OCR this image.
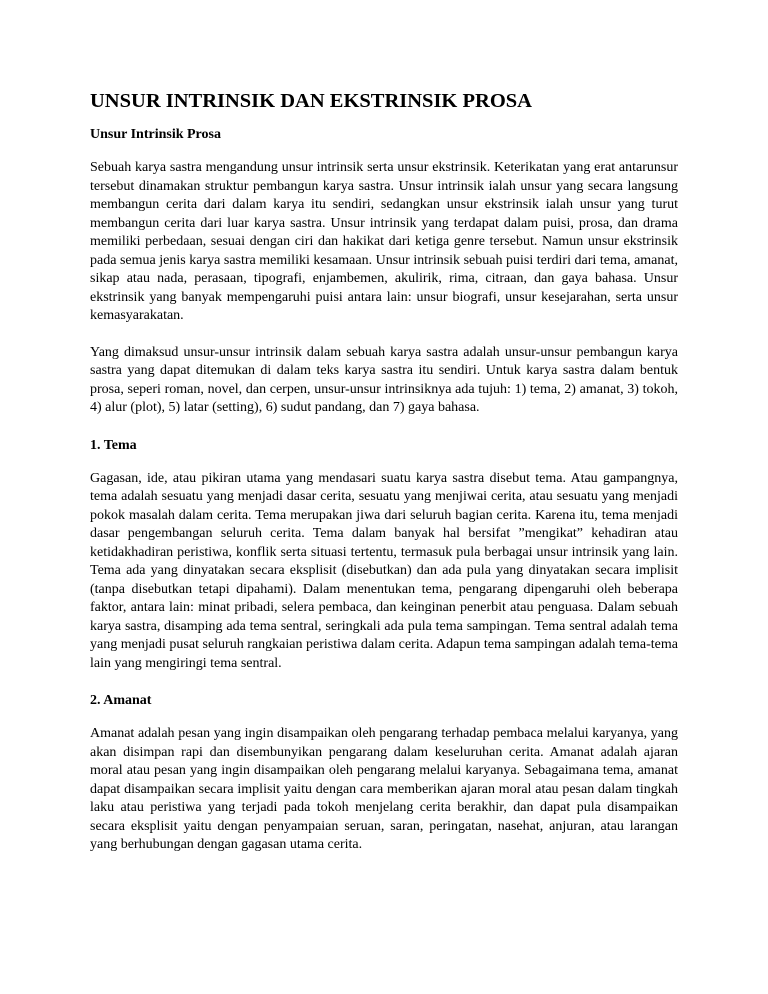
UNSUR INTRINSIK DAN EKSTRINSIK PROSA
Unsur Intrinsik Prosa

Sebuah karya sastra mengandung unsur intrinsik serta unsur ekstrinsik. Keterikatan yang erat antarunsur tersebut dinamakan struktur pembangun karya sastra. Unsur intrinsik ialah unsur yang secara langsung membangun cerita dari dalam karya itu sendiri, sedangkan unsur ekstrinsik ialah unsur yang turut membangun cerita dari luar karya sastra. Unsur intrinsik yang terdapat dalam puisi, prosa, dan drama memiliki perbedaan, sesuai dengan ciri dan hakikat dari ketiga genre tersebut. Namun unsur ekstrinsik pada semua jenis karya sastra memiliki kesamaan. Unsur intrinsik sebuah puisi terdiri dari tema, amanat, sikap atau nada, perasaan, tipografi, enjambemen, akulirik, rima, citraan, dan gaya bahasa. Unsur ekstrinsik yang banyak mempengaruhi puisi antara lain: unsur biografi, unsur kesejarahan, serta unsur kemasyarakatan.

Yang dimaksud unsur-unsur intrinsik dalam sebuah karya sastra adalah unsur-unsur pembangun karya sastra yang dapat ditemukan di dalam teks karya sastra itu sendiri. Untuk karya sastra dalam bentuk prosa, seperi roman, novel, dan cerpen, unsur-unsur intrinsiknya ada tujuh: 1) tema, 2) amanat, 3) tokoh, 4) alur (plot), 5) latar (setting), 6) sudut pandang, dan 7) gaya bahasa.

1. Tema

Gagasan, ide, atau pikiran utama yang mendasari suatu karya sastra disebut tema. Atau gampangnya, tema adalah sesuatu yang menjadi dasar cerita, sesuatu yang menjiwai cerita, atau sesuatu yang menjadi pokok masalah dalam cerita. Tema merupakan jiwa dari seluruh bagian cerita. Karena itu, tema menjadi dasar pengembangan seluruh cerita. Tema dalam banyak hal bersifat ”mengikat” kehadiran atau ketidakhadiran peristiwa, konflik serta situasi tertentu, termasuk pula berbagai unsur intrinsik yang lain. Tema ada yang dinyatakan secara eksplisit (disebutkan) dan ada pula yang dinyatakan secara implisit (tanpa disebutkan tetapi dipahami). Dalam menentukan tema, pengarang dipengaruhi oleh beberapa faktor, antara lain: minat pribadi, selera pembaca, dan keinginan penerbit atau penguasa. Dalam sebuah karya sastra, disamping ada tema sentral, seringkali ada pula tema sampingan. Tema sentral adalah tema yang menjadi pusat seluruh rangkaian peristiwa dalam cerita. Adapun tema sampingan adalah tema-tema lain yang mengiringi tema sentral.

2. Amanat

Amanat adalah pesan yang ingin disampaikan oleh pengarang terhadap pembaca melalui karyanya, yang akan disimpan rapi dan disembunyikan pengarang dalam keseluruhan cerita. Amanat adalah ajaran moral atau pesan yang ingin disampaikan oleh pengarang melalui karyanya. Sebagaimana tema, amanat dapat disampaikan secara implisit yaitu dengan cara memberikan ajaran moral atau pesan dalam tingkah laku atau peristiwa yang terjadi pada tokoh menjelang cerita berakhir, dan dapat pula disampaikan secara eksplisit yaitu dengan penyampaian seruan, saran, peringatan, nasehat, anjuran, atau larangan yang berhubungan dengan gagasan utama cerita.
